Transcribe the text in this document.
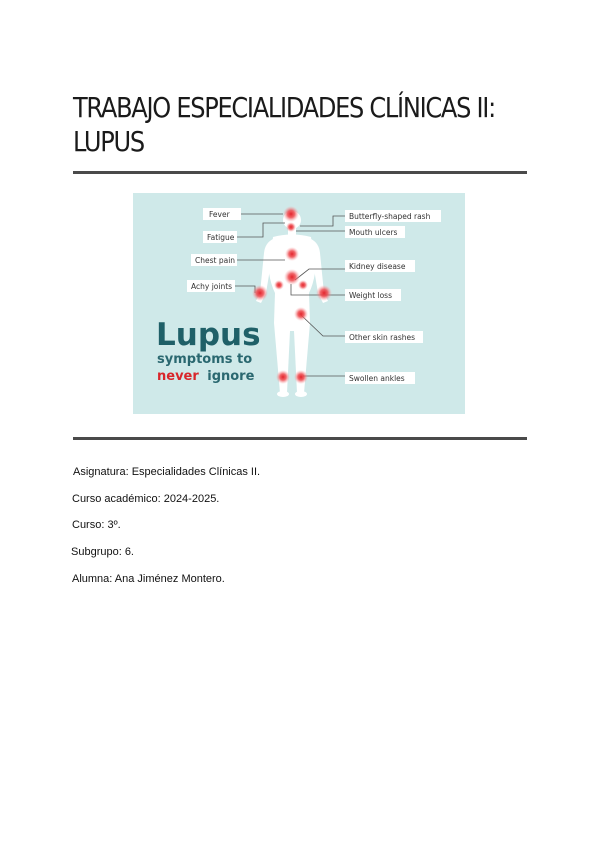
TRABAJO ESPECIALIDADES CLÍNICAS II:
LUPUS
Fever
Fatigue
Chest pain
Achy joints
Butterfly-shaped rash
Mouth ulcers
Kidney disease
Weight loss
Other skin rashes
Swollen ankles
Lupus
symptoms to
never ignore

Asignatura: Especialidades Clínicas II.

Curso académico: 2024-2025.

Curso: 3º.

Subgrupo: 6.

Alumna: Ana Jiménez Montero.
